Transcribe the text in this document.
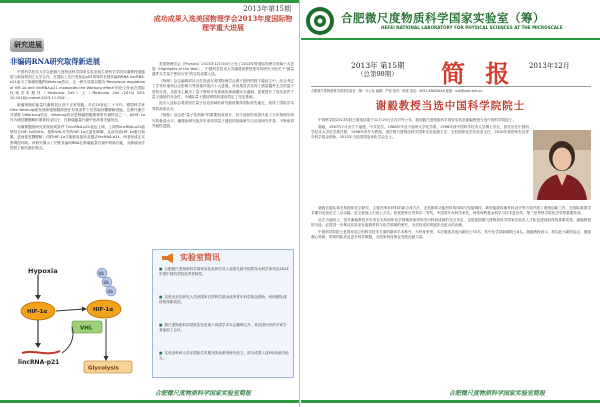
2013年第15期
研究进展
非编码RNA研究取得新进展

中国科学技术大学合肥微尺度物质科学国家实验室和生命科学学院吴缅教授课题组与新加坡国立大学合作，在国际上首次发现由p53诱导的长链非编码RNA lincRNA-p21参与了肿瘤细胞的Warburg效应，这一研究成果以题为"Reciprocal regulation of HIF-1α and lincRNA-p21 modulates the Warburg effect"的论文发表在国际权威学术期刊《Molecular Cell》上（Molecular Cell (2014) DOI: 10.1016/j.molcel.2013.11.004）。

肿瘤细胞的能量代谢明显区别于正常细胞。早在20世纪二十年代，德国科学家Otto Warburg就发现肿瘤细胞即使在有氧条件下仍然偏好糖酵解供能，这种代谢方式被称为Warburg效应。Warburg效应是肿瘤细胞重要的代谢特征之一，而HIF-1α作为调控糖酵解的重要转录因子，在肿瘤能量代谢中扮演着关键角色。

吴缅课题组研究发现低氧条件下lincRNA-p21表达上调，上调的lincRNA-p21能够结合HIF-1α和VHL，阻断VHL介导的HIF-1α泛素化降解，从而导致HIF-1α蛋白积累，进而促进糖酵解；同时HIF-1α又能够直接转录激活lincRNA-p21，两者形成正反馈调控环路。该研究揭示了长链非编码RNA在肿瘤能量代谢中的新功能，为肿瘤治疗提供了新的潜在靶点。

Hypoxia	Ub
Ub
Ub
HIF-1α	HIF-1α
VHL
lincRNA-p21
Glycolysis
成功成果入选美国物理学会2013年度国际物理学重大进展

美国物理学会《Physics》2013年12月30日公布了2013年度国际物理学领域十大进展（Highlights of the Year），中国科学技术大学潘建伟教授领导的研究小组关于"测量器件无关量子密钥分发"的实验成果入选。

《物理》杂志编辑部从当年发表在美国物理学会旗下期刊的数千篇论文中，综合考虑了学术价值和社会影响力等因素评选出十大进展。该成果首次实现了测量器件无关的量子密钥分发，从根本上解决了量子密钥分发系统的探测器安全漏洞，显著提升了现实条件下量子通信的安全性，为城际量子通信网络的建设奠定了坚实基础。

此次入选标志着我国在量子信息领域的研究继续保持国际领先地位，获得了国际学术界的高度认可。

《物理》杂志是"量子性科研"的重要组成部分，其中选取的成果代表了当年物理学研究的最高水平。潘建伟研究组多年来坚持量子通信的基础研究与应用研究并重，不断取得突破性进展。

实验室简讯
■ 合肥微尺度物质科学国家实验室研究员入选第九届中国青年女科学家奖及2013年度中国科学院优秀导师奖。
■ 实验室多位研究人员获国家自然科学基金优秀青年科学基金资助，科研团队建设取得新成效。
■ 微尺度物质科学国家实验室第十四届学术年会顺利召开，来自国内外的专家学者参加了会议。
■ 实验室科研人员在国际学术期刊发表系列研究论文，部分成果入选ESI高被引论文。
合肥微尺度物质科学国家实验室简报
合肥微尺度物质科学国家实验室（筹）
HEFEI NATIONAL LABORATORY FOR PHYSICAL SCIENCES AT THE MICROSCALE
2013年 第15期
（总第98期） 简 报 2013年12月
合肥微尺度物质科学国家实验室（筹）办公室 编辑：严莉 校对：杨建 电话：0551-63600416 邮箱：nsk@ustc.edu.cn
谢毅教授当选中国科学院院士

中国科学院2013年院士增选结果于12月19日正式对外公布，我国微尺度物质科学国家实验室谢毅教授当选中国科学院院士。

谢毅，1967年7月出生于福建，中共党员。1988年毕业于福州大学化学系，1996年获中国科学技术大学博士学位，曾先后在中国科学技术大学化学系任教，1998年晋升为教授。现任微尺度物质科学国家实验室副主任、无机固体化学实验室主任，2010年获国家杰出青年科学基金资助，2012年当选英国皇家化学会会士。

谢毅长期从事无机固体化学研究，主要在纳米材料的新合成方法、无机固体功能材料的结构与性能调控、新型能源转换材料设计等方面开展了系统创新工作，在国际重要学术期刊发表论文二百余篇，论文被他人引用上万次。曾获国家自然科学二等奖、中国青年女科学家奖、何梁何利基金科学与技术进步奖、第三世界科学院化学奖等重要奖项。

此次当选院士，是对谢毅教授多年来在无机固体化学领域所取得的杰出科研成就的充分肯定，也是我国微尺度物质科学国家实验室人才队伍建设取得的重要成果。谢毅教授的当选，必将进一步推动实验室在能源材料与化学领域的研究，为实验室的发展作出更大的贡献。

中国科学院院士是国家设立的科学技术方面的最高学术称号，为终身荣誉。本次增选共选出新院士53名，其中化学部新增院士8名。谢毅教授表示，将以此为新的起点，继续潜心科研，带领团队攻克更多科学难题，为国家科技事业发展贡献力量。

合肥微尺度物质科学国家实验室简报
